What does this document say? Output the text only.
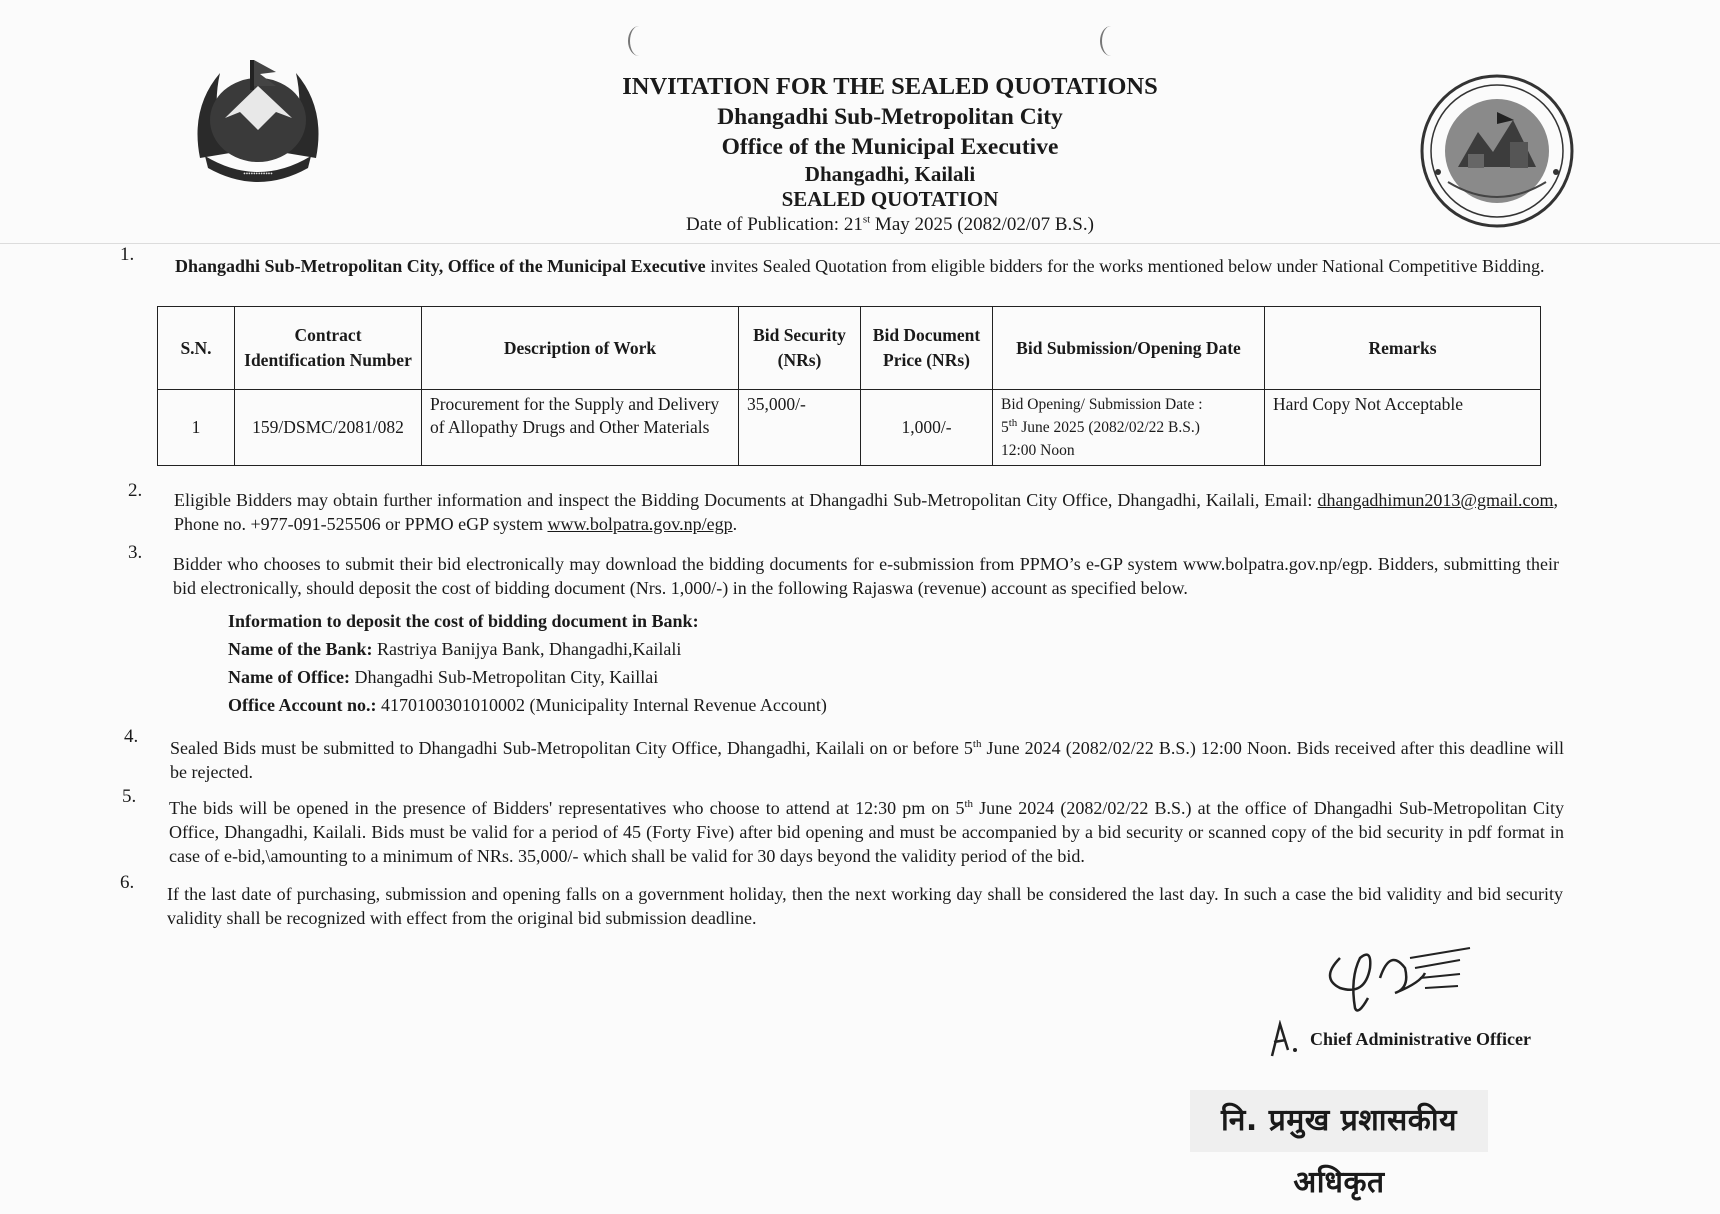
••••••••••••
INVITATION FOR THE SEALED QUOTATIONS
Dhangadhi Sub-Metropolitan City
Office of the Municipal Executive
Dhangadhi, Kailali
SEALED QUOTATION
Date of Publication: 21st May 2025 (2082/02/07 B.S.)
1.
Dhangadhi Sub-Metropolitan City, Office of the Municipal Executive invites Sealed Quotation from eligible bidders for the works mentioned below under National Competitive Bidding.
S.N.	Contract Identification Number	Description of Work	Bid Security (NRs)	Bid Document Price (NRs)	Bid Submission/Opening Date	Remarks
1	159/DSMC/2081/082	Procurement for the Supply and Delivery of Allopathy Drugs and Other Materials	35,000/-	1,000/-	Bid Opening/ Submission Date :
5th June 2025 (2082/02/22 B.S.)
12:00 Noon	Hard Copy Not Acceptable
2. Eligible Bidders may obtain further information and inspect the Bidding Documents at Dhangadhi Sub-Metropolitan City Office, Dhangadhi, Kailali, Email: dhangadhimun2013@gmail.com, Phone no. +977-091-525506 or PPMO eGP system www.bolpatra.gov.np/egp.
3.
Bidder who chooses to submit their bid electronically may download the bidding documents for e-submission from PPMO’s e-GP system www.bolpatra.gov.np/egp. Bidders, submitting their bid electronically, should deposit the cost of bidding document (Nrs. 1,000/-) in the following Rajaswa (revenue) account as specified below.
Information to deposit the cost of bidding document in Bank:
Name of the Bank: Rastriya Banijya Bank, Dhangadhi,Kailali
Name of Office: Dhangadhi Sub-Metropolitan City, Kaillai
Office Account no.: 4170100301010002 (Municipality Internal Revenue Account)
4.
Sealed Bids must be submitted to Dhangadhi Sub-Metropolitan City Office, Dhangadhi, Kailali on or before 5th June 2024 (2082/02/22 B.S.) 12:00 Noon. Bids received after this deadline will be rejected.
5.
The bids will be opened in the presence of Bidders' representatives who choose to attend at 12:30 pm on 5th June 2024 (2082/02/22 B.S.) at the office of Dhangadhi Sub-Metropolitan City Office, Dhangadhi, Kailali. Bids must be valid for a period of 45 (Forty Five) after bid opening and must be accompanied by a bid security or scanned copy of the bid security in pdf format in case of e-bid,\amounting to a minimum of NRs. 35,000/- which shall be valid for 30 days beyond the validity period of the bid.
6.
If the last date of purchasing, submission and opening falls on a government holiday, then the next working day shall be considered the last day. In such a case the bid validity and bid security validity shall be recognized with effect from the original bid submission deadline.
Chief Administrative Officer
नि. प्रमुख प्रशासकीय अधिकृत
